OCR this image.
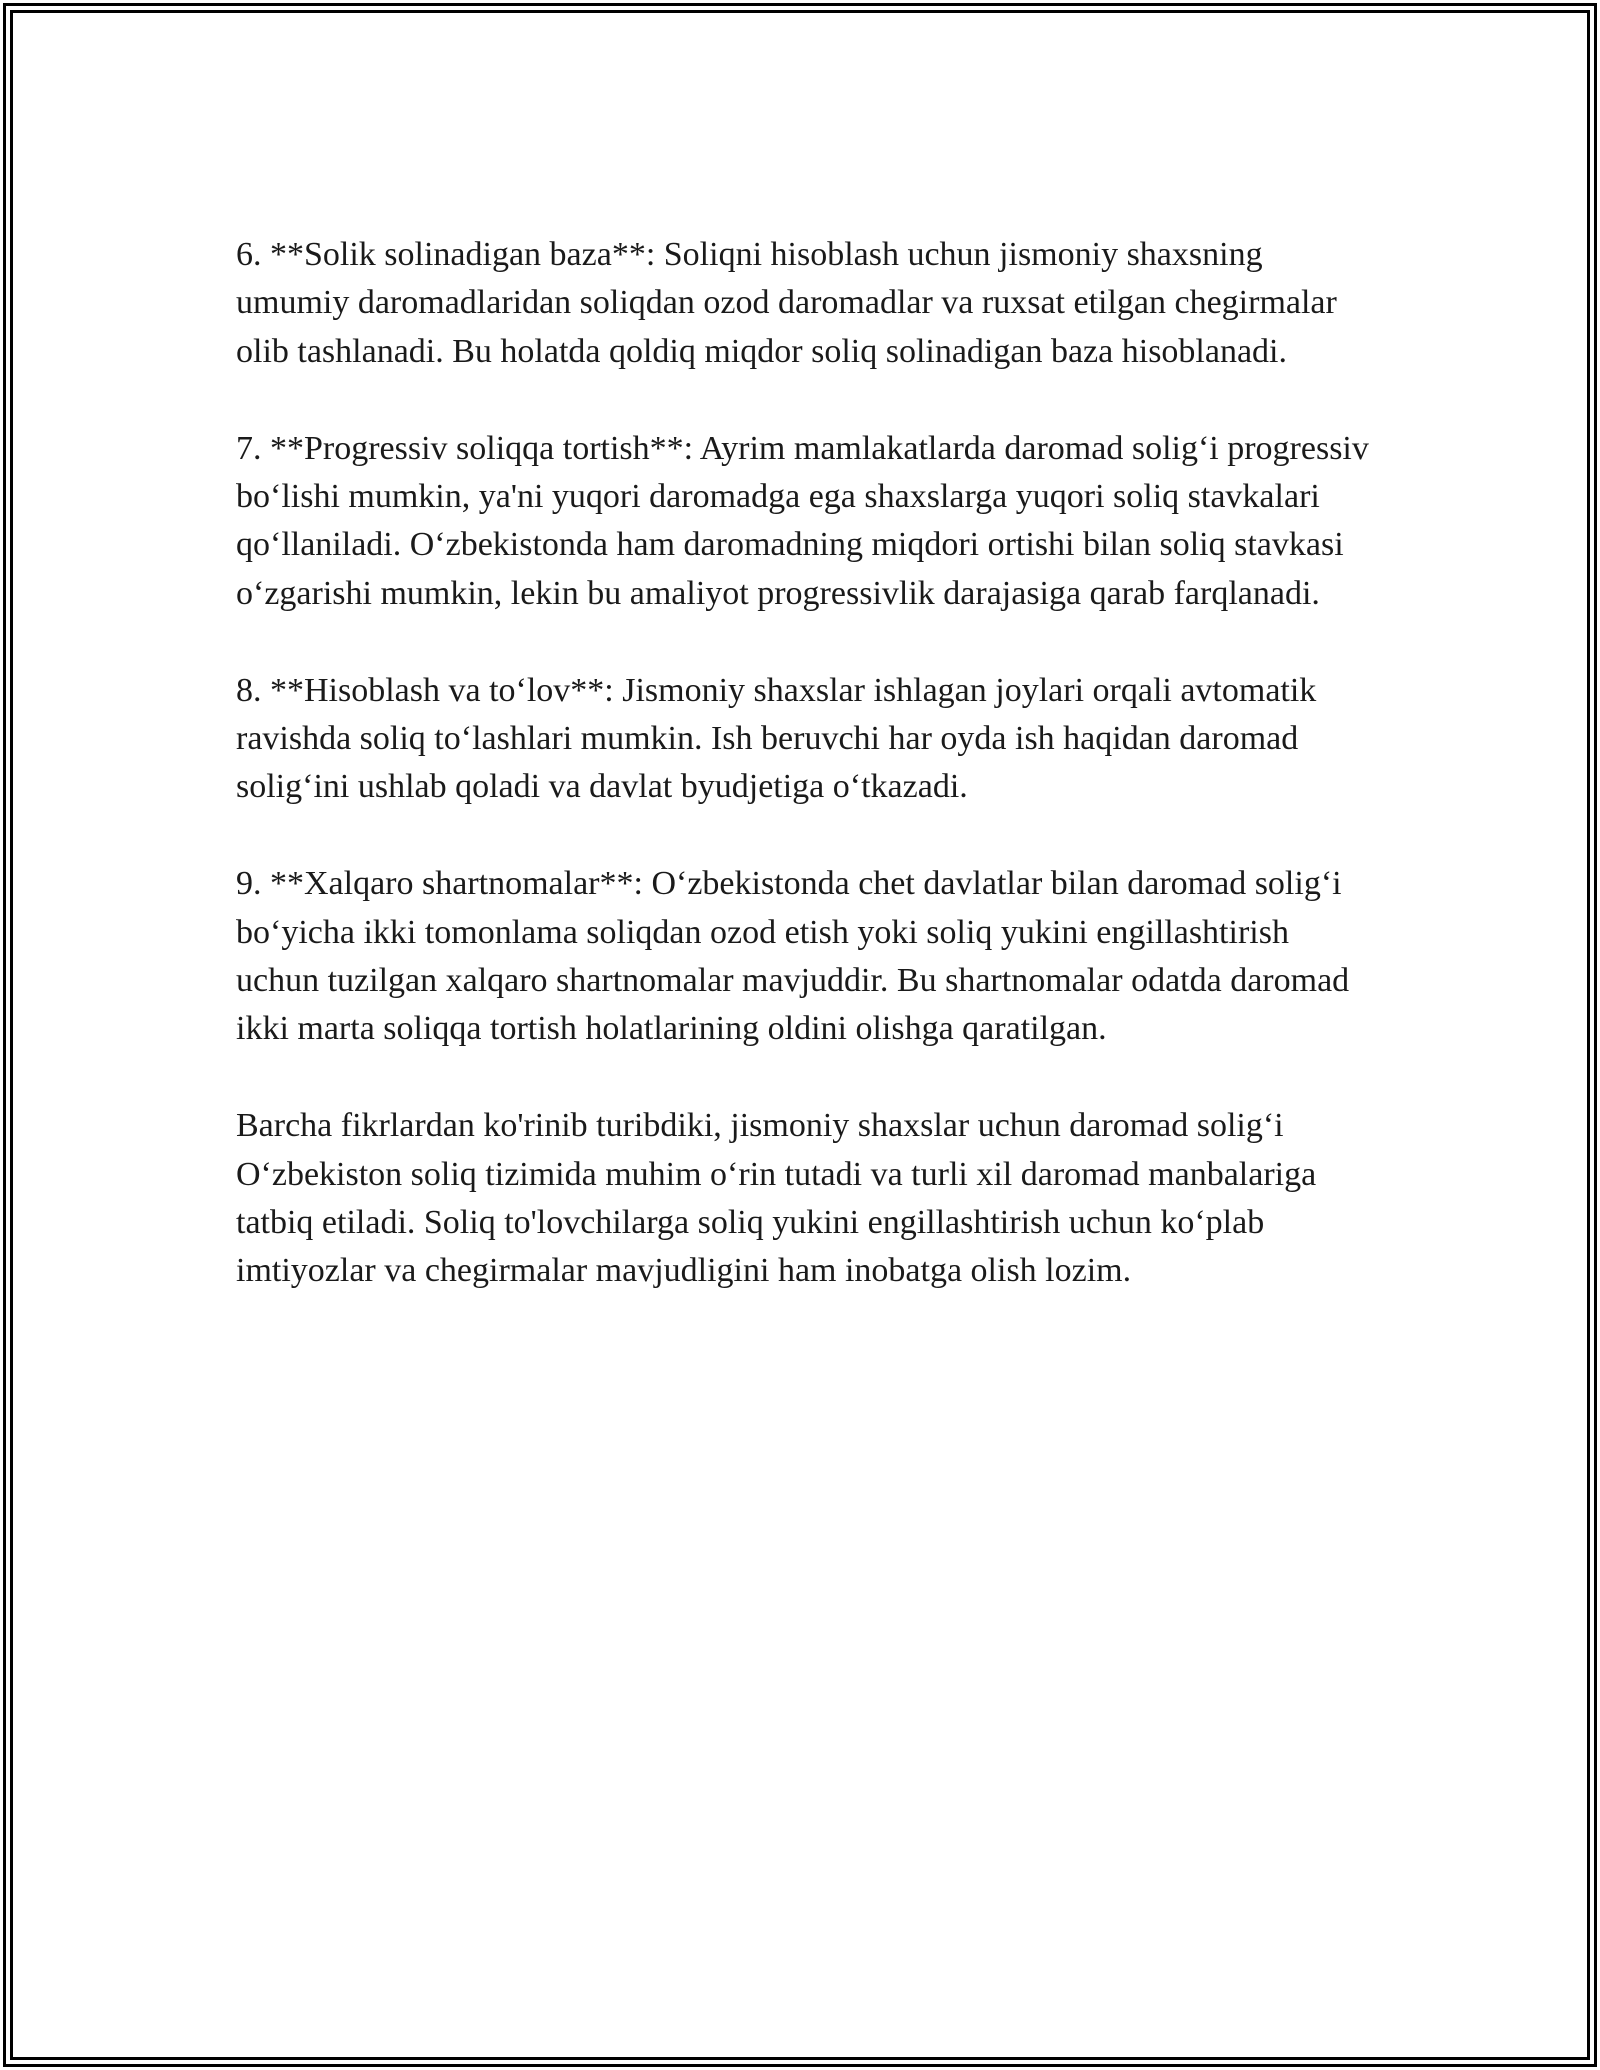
6. **Solik solinadigan baza**: Soliqni hisoblash uchun jismoniy shaxsning umumiy daromadlaridan soliqdan ozod daromadlar va ruxsat etilgan chegirmalar olib tashlanadi. Bu holatda qoldiq miqdor soliq solinadigan baza hisoblanadi.

7. **Progressiv soliqqa tortish**: Ayrim mamlakatlarda daromad solig‘i progressiv bo‘lishi mumkin, ya'ni yuqori daromadga ega shaxslarga yuqori soliq stavkalari qo‘llaniladi. O‘zbekistonda ham daromadning miqdori ortishi bilan soliq stavkasi o‘zgarishi mumkin, lekin bu amaliyot progressivlik darajasiga qarab farqlanadi.

8. **Hisoblash va to‘lov**: Jismoniy shaxslar ishlagan joylari orqali avtomatik ravishda soliq to‘lashlari mumkin. Ish beruvchi har oyda ish haqidan daromad solig‘ini ushlab qoladi va davlat byudjetiga o‘tkazadi.

9. **Xalqaro shartnomalar**: O‘zbekistonda chet davlatlar bilan daromad solig‘i bo‘yicha ikki tomonlama soliqdan ozod etish yoki soliq yukini engillashtirish uchun tuzilgan xalqaro shartnomalar mavjuddir. Bu shartnomalar odatda daromad ikki marta soliqqa tortish holatlarining oldini olishga qaratilgan.

Barcha fikrlardan ko'rinib turibdiki, jismoniy shaxslar uchun daromad solig‘i O‘zbekiston soliq tizimida muhim o‘rin tutadi va turli xil daromad manbalariga tatbiq etiladi. Soliq to'lovchilarga soliq yukini engillashtirish uchun ko‘plab imtiyozlar va chegirmalar mavjudligini ham inobatga olish lozim.
